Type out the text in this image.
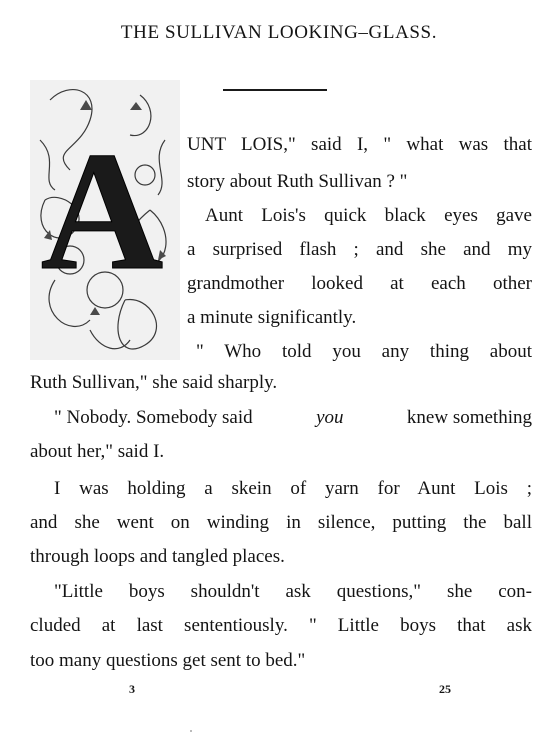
THE SULLIVAN LOOKING–GLASS.
A UNT LOIS," said I, " what was that
story about Ruth Sullivan ? "
Aunt Lois's quick black eyes gave
a surprised flash ; and she and my
grandmother looked at each other
a minute significantly.
" Who told you any thing about
Ruth Sullivan," she said sharply.
" Nobody. Somebody said	you	knew something
about her," said I.
I was holding a skein of yarn for Aunt Lois ;
and she went on winding in silence, putting the ball
through loops and tangled places.
"Little boys shouldn't ask questions," she con-
cluded at last sententiously. " Little boys that ask
too many questions get sent to bed."
3	25
